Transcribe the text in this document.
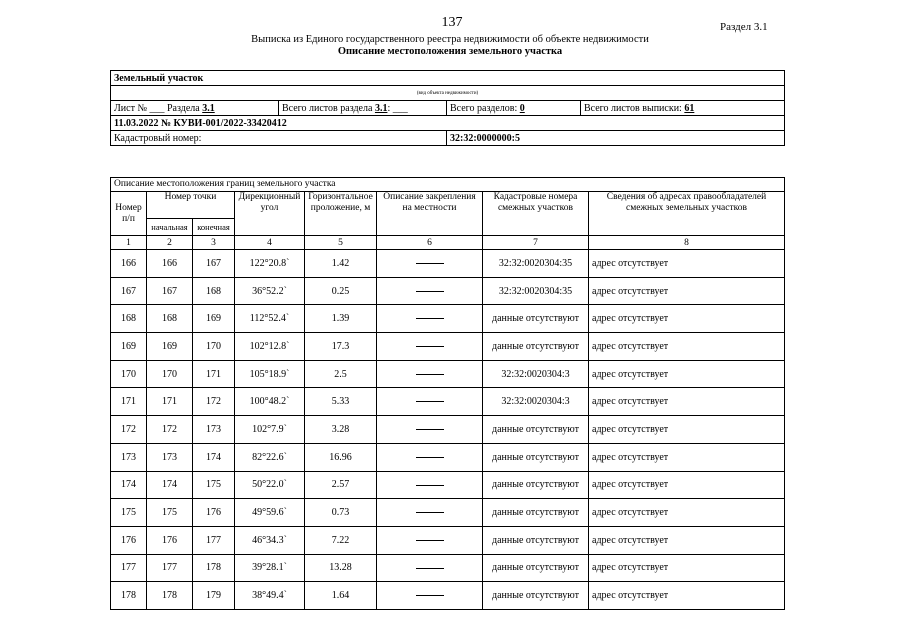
137	Раздел 3.1
Выписка из Единого государственного реестра недвижимости об объекте недвижимости
Описание местоположения земельного участка
Земельный участок			
(вид объекта недвижимости)			
Лист № ___ Раздела 3.1	Всего листов раздела 3.1: ___	Всего разделов: 0	Всего листов выписки: 61
11.03.2022 № КУВИ-001/2022-33420412			
Кадастровый номер:		32:32:0000000:5	
Описание местоположения границ земельного участка							
Номер п/п	Номер точки		Дирекционный угол	Горизонтальное проложение, м	Описание закрепления на местности	Кадастровые номера смежных участков	Сведения об адресах правообладателей смежных земельных участков
	начальная	конечная					
1	2	3	4	5	6	7	8
166	166	167	122°20.8`	1.42		32:32:0020304:35	адрес отсутствует
167	167	168	36°52.2`	0.25		32:32:0020304:35	адрес отсутствует
168	168	169	112°52.4`	1.39		данные отсутствуют	адрес отсутствует
169	169	170	102°12.8`	17.3		данные отсутствуют	адрес отсутствует
170	170	171	105°18.9`	2.5		32:32:0020304:3	адрес отсутствует
171	171	172	100°48.2`	5.33		32:32:0020304:3	адрес отсутствует
172	172	173	102°7.9`	3.28		данные отсутствуют	адрес отсутствует
173	173	174	82°22.6`	16.96		данные отсутствуют	адрес отсутствует
174	174	175	50°22.0`	2.57		данные отсутствуют	адрес отсутствует
175	175	176	49°59.6`	0.73		данные отсутствуют	адрес отсутствует
176	176	177	46°34.3`	7.22		данные отсутствуют	адрес отсутствует
177	177	178	39°28.1`	13.28		данные отсутствуют	адрес отсутствует
178	178	179	38°49.4`	1.64		данные отсутствуют	адрес отсутствует
